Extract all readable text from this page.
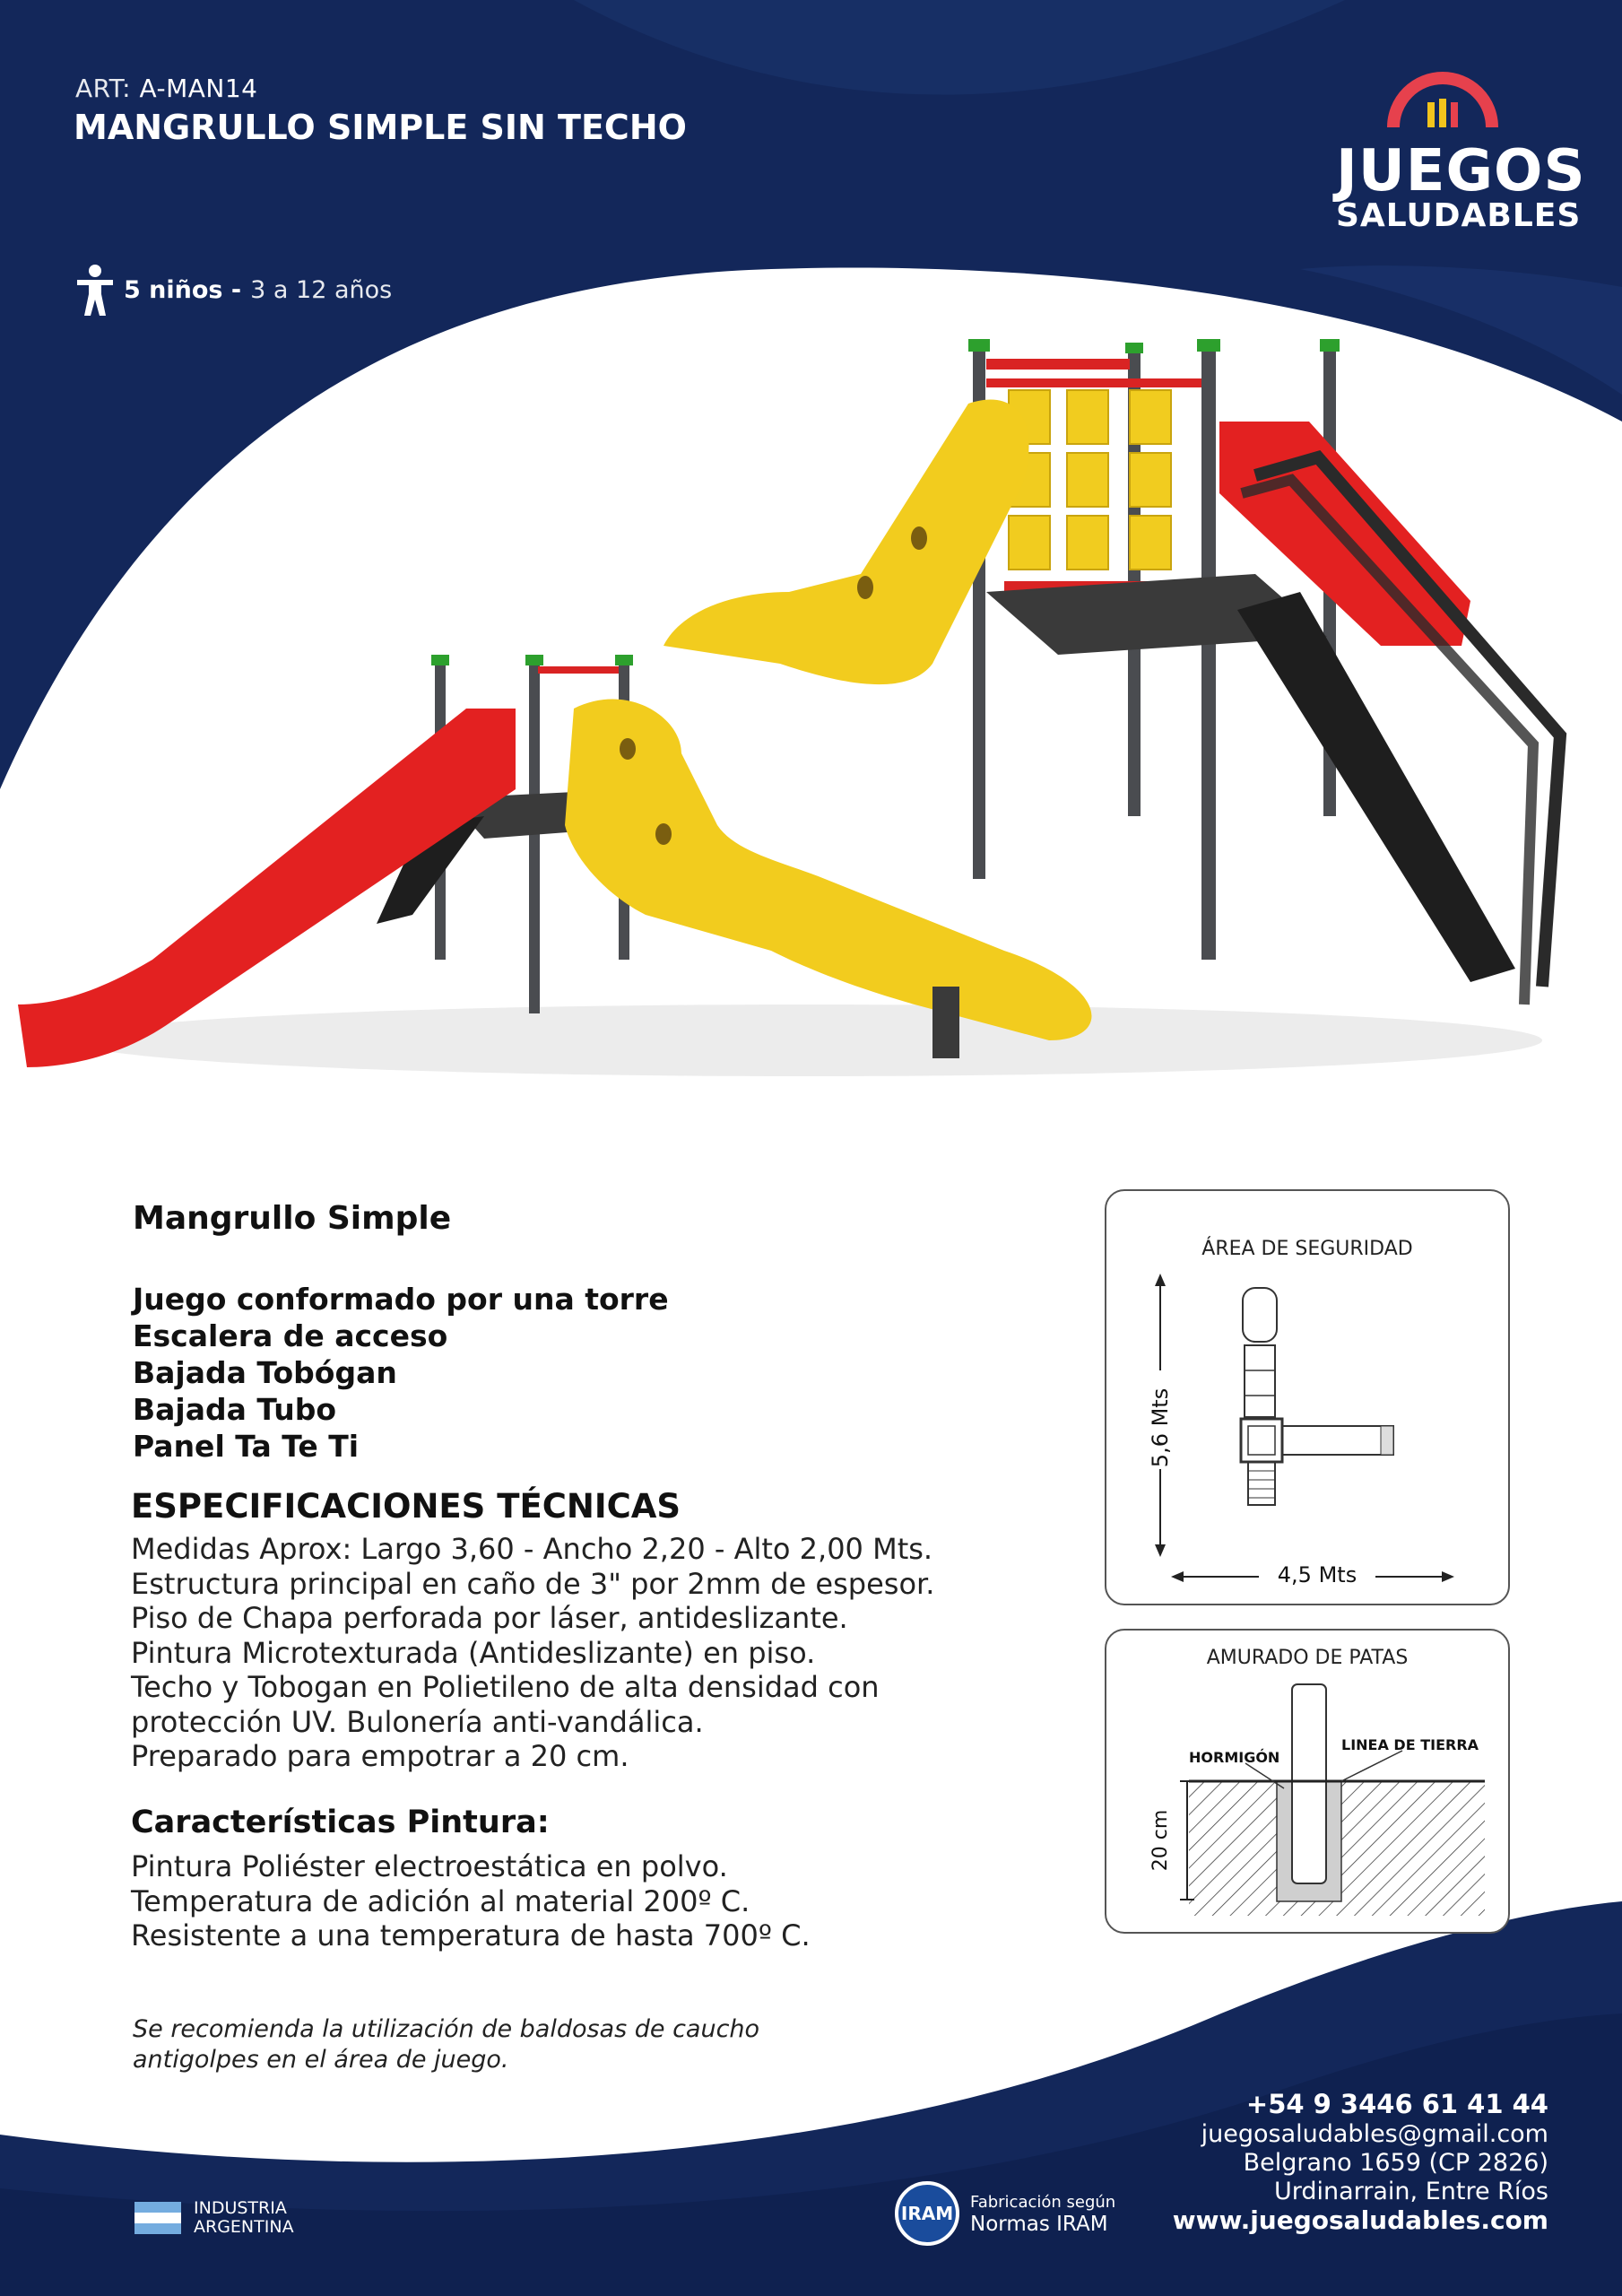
ART: A-MAN14
MANGRULLO SIMPLE SIN TECHO
JUEGOS
SALUDABLES
5 niños - 3 a 12 años
Mangrullo Simple
Juego conformado por una torre
Escalera de acceso
Bajada Tobógan
Bajada Tubo
Panel Ta Te Ti
ESPECIFICACIONES TÉCNICAS
Medidas Aprox: Largo 3,60 - Ancho 2,20 - Alto 2,00 Mts.
Estructura principal en caño de 3" por 2mm de espesor.
Piso de Chapa perforada por láser, antideslizante.
Pintura Microtexturada (Antideslizante) en piso.
Techo y Tobogan en Polietileno de alta densidad con
protección UV. Bulonería anti-vandálica.
Preparado para empotrar a 20 cm.
Características Pintura:
Pintura Poliéster electroestática en polvo.
Temperatura de adición al material 200º C.
Resistente a una temperatura de hasta 700º C.
Se recomienda la utilización de baldosas de caucho
antigolpes en el área de juego.
ÁREA DE SEGURIDAD
5,6 Mts
4,5 Mts
AMURADO DE PATAS
HORMIGÓN
LINEA DE TIERRA
20 cm
+54 9 3446 61 41 44
juegosaludables@gmail.com
Belgrano 1659 (CP 2826)
Urdinarrain, Entre Ríos
www.juegosaludables.com
INDUSTRIA
ARGENTINA
IRAM
Fabricación según
Normas IRAM
